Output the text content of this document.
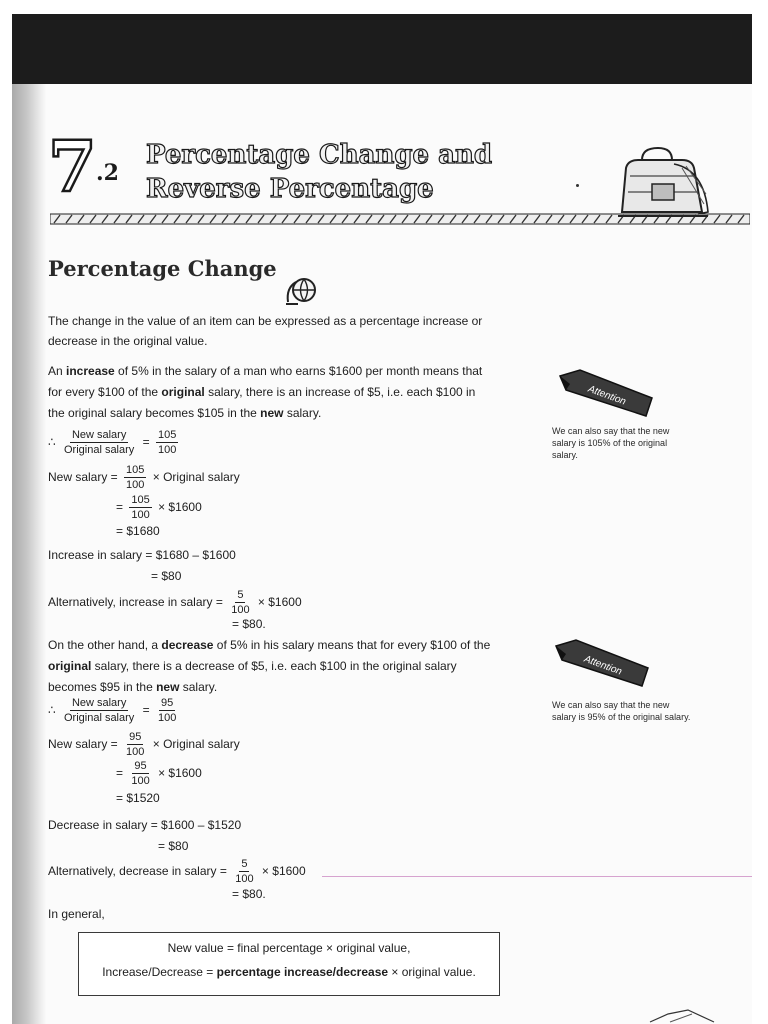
7 .2
Percentage Change and
Reverse Percentage
Percentage Change
The change in the value of an item can be expressed as a percentage increase or
decrease in the original value.
An increase of 5% in the salary of a man who earns $1600 per month means that
for every $100 of the original salary, there is an increase of $5, i.e. each $100 in
the original salary becomes $105 in the new salary.
∴ $\frac{\text{New salary}}{\text{Original salary}} = \frac{105}{100}$
New salary = $\frac{105}{100}$ × Original salary
= $\frac{105}{100}$ × $1600
= $1680
Increase in salary = $1680 – $1600
= $80
Alternatively, increase in salary = $\frac{5}{100}$ × $1600
= $80.
On the other hand, a decrease of 5% in his salary means that for every $100 of the
original salary, there is a decrease of $5, i.e. each $100 in the original salary
becomes $95 in the new salary.
∴ $\frac{\text{New salary}}{\text{Original salary}} = \frac{95}{100}$
New salary = $\frac{95}{100}$ × Original salary
= $\frac{95}{100}$ × $1600
= $1520
Decrease in salary = $1600 – $1520
= $80
Alternatively, decrease in salary = $\frac{5}{100}$ × $1600
= $80.
In general,
New value = final percentage × original value,
Increase/Decrease = percentage increase/decrease × original value.
Attention
We can also say that the new salary is 105% of the original salary.
Attention
We can also say that the new salary is 95% of the original salary.
